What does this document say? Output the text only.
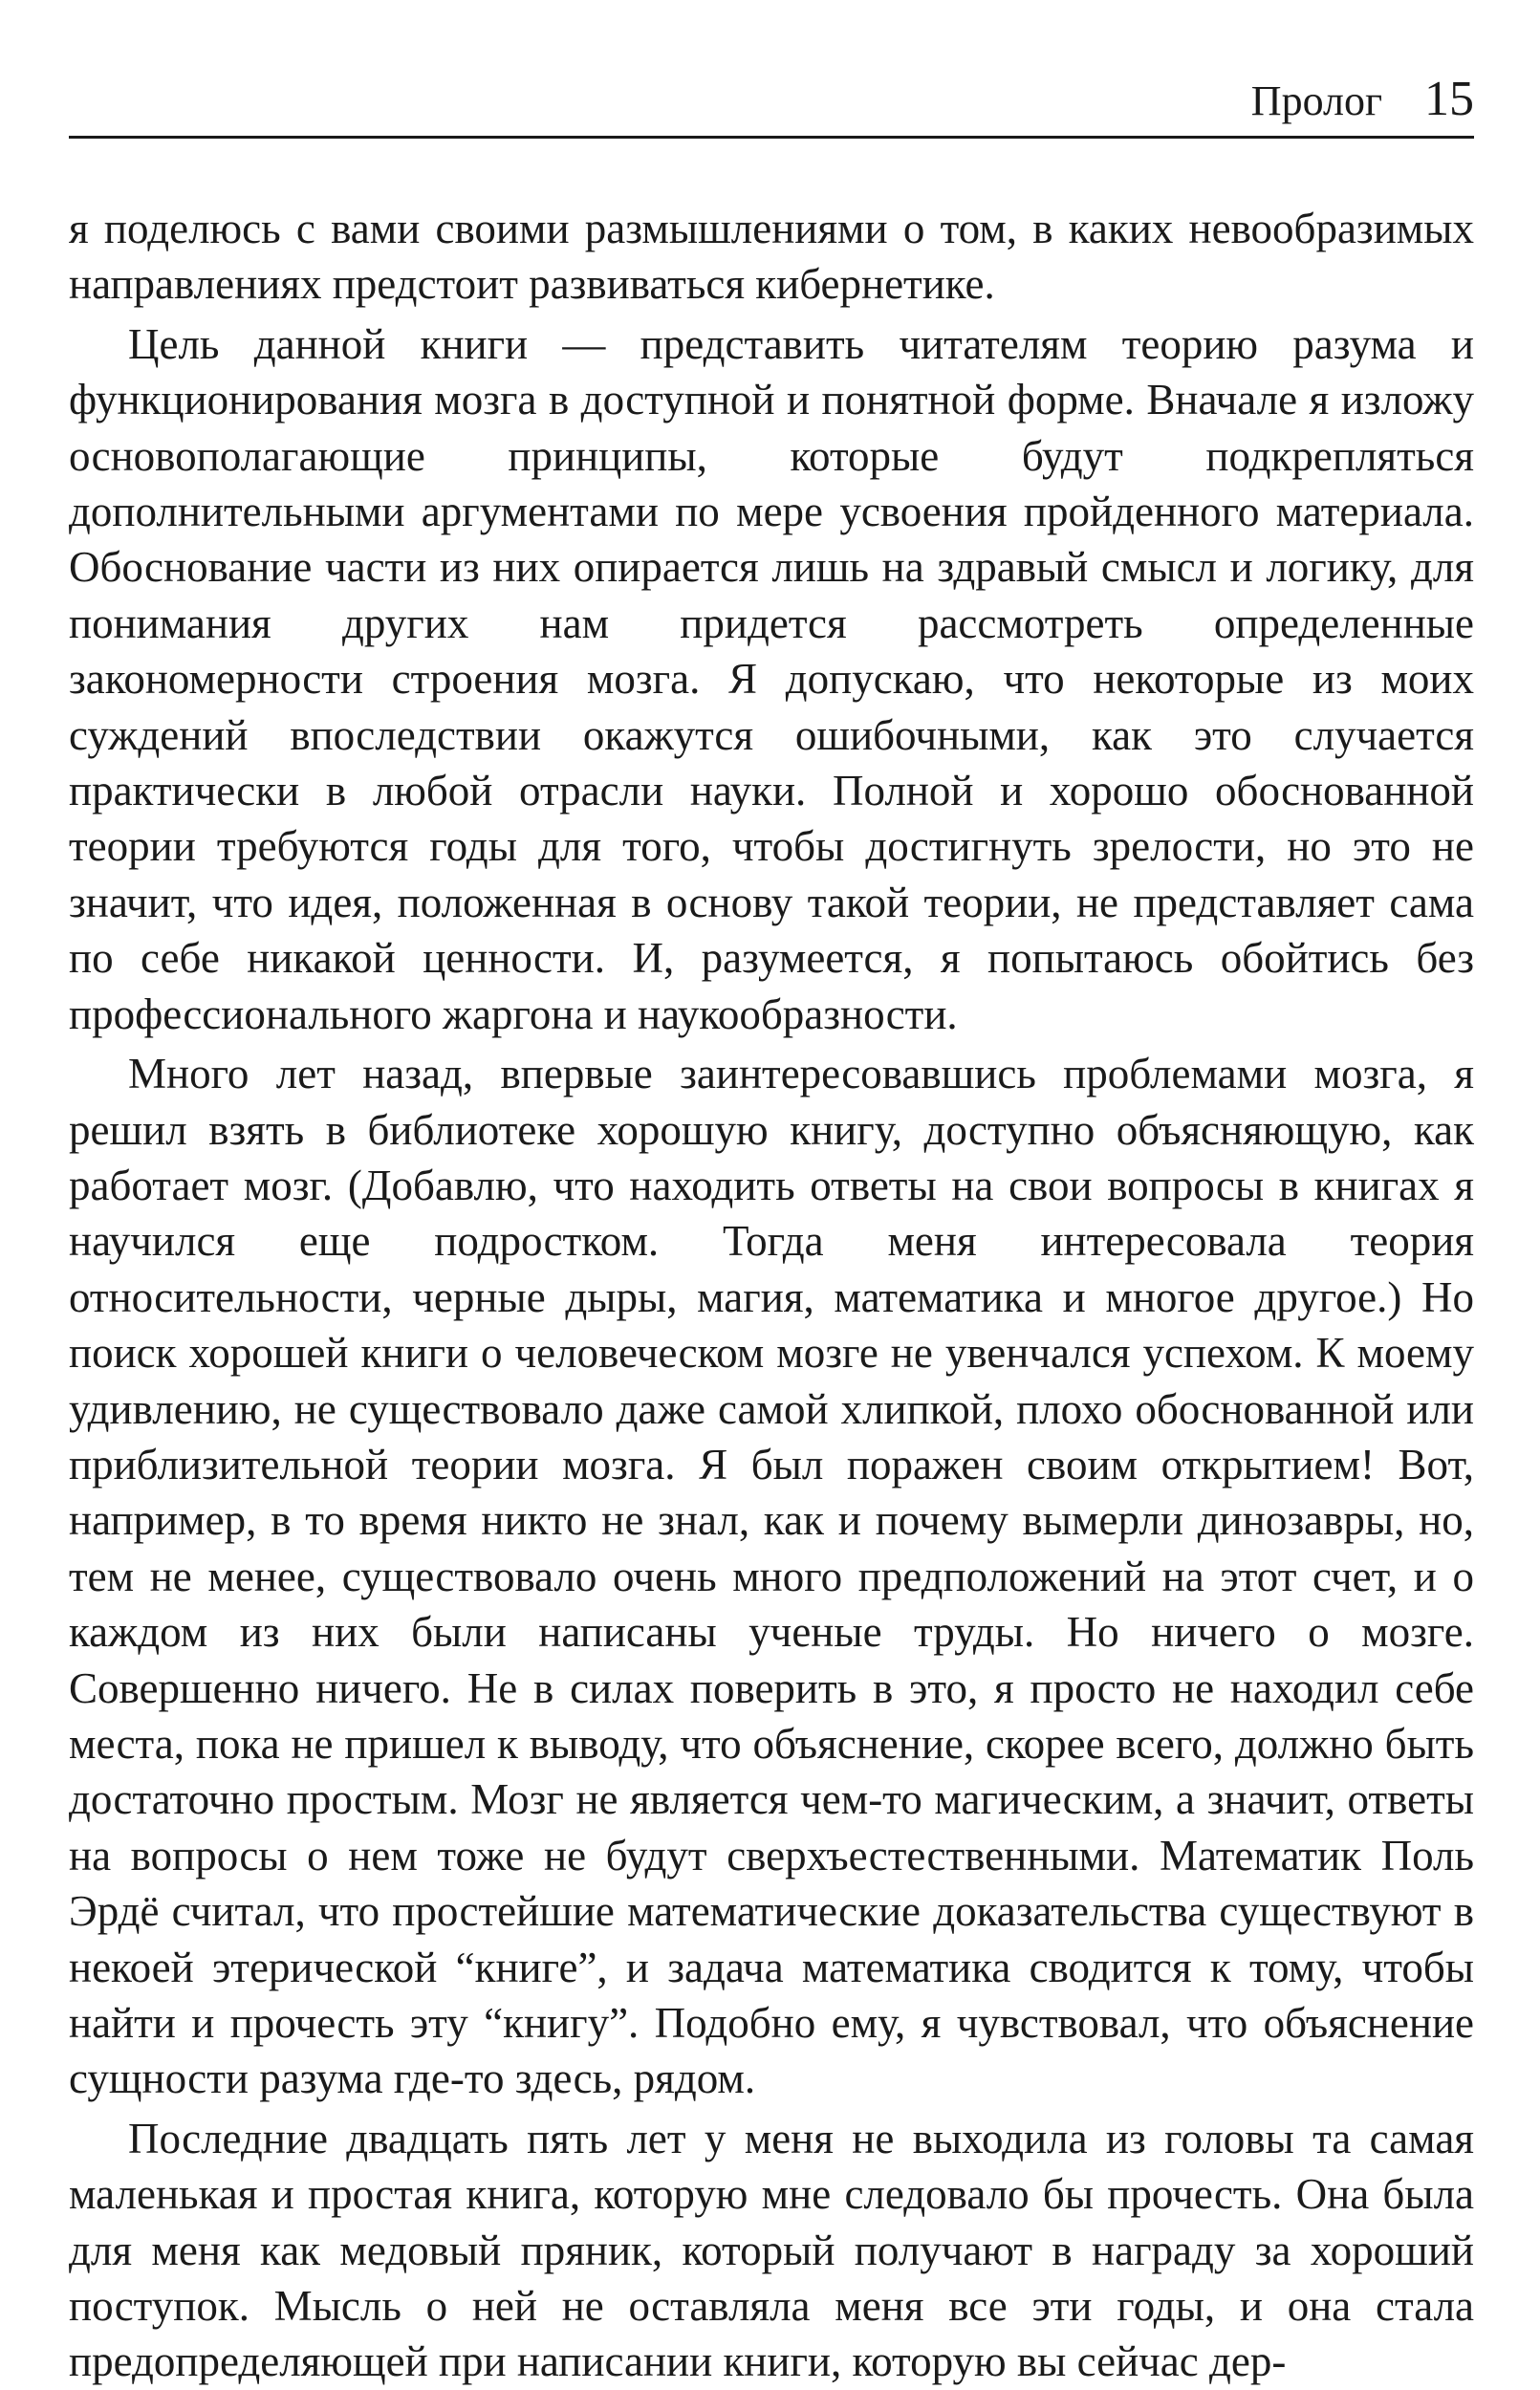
Пролог 15

я поделюсь с вами своими размышлениями о том, в каких невообразимых направлениях предстоит развиваться кибернетике.

Цель данной книги — представить читателям теорию разума и функционирования мозга в доступной и понятной форме. Вначале я изложу основополагающие принципы, которые будут подкрепляться дополнительными аргументами по мере усвоения пройденного материала. Обоснование части из них опирается лишь на здравый смысл и логику, для понимания других нам придется рассмотреть определенные закономерности строения мозга. Я допускаю, что некоторые из моих суждений впоследствии окажутся ошибочными, как это случается практически в любой отрасли науки. Полной и хорошо обоснованной теории требуются годы для того, чтобы достигнуть зрелости, но это не значит, что идея, положенная в основу такой теории, не представляет сама по себе никакой ценности. И, разумеется, я попытаюсь обойтись без профессионального жаргона и наукообразности.

Много лет назад, впервые заинтересовавшись проблемами мозга, я решил взять в библиотеке хорошую книгу, доступно объясняющую, как работает мозг. (Добавлю, что находить ответы на свои вопросы в книгах я научился еще подростком. Тогда меня интересовала теория относительности, черные дыры, магия, математика и многое другое.) Но поиск хорошей книги о человеческом мозге не увенчался успехом. К моему удивлению, не существовало даже самой хлипкой, плохо обоснованной или приблизительной теории мозга. Я был поражен своим открытием! Вот, например, в то время никто не знал, как и почему вымерли динозавры, но, тем не менее, существовало очень много предположений на этот счет, и о каждом из них были написаны ученые труды. Но ничего о мозге. Совершенно ничего. Не в силах поверить в это, я просто не находил себе места, пока не пришел к выводу, что объяснение, скорее всего, должно быть достаточно простым. Мозг не является чем-то магическим, а значит, ответы на вопросы о нем тоже не будут сверхъестественными. Математик Поль Эрдё считал, что простейшие математические доказательства существуют в некоей этерической “книге”, и задача математика сводится к тому, чтобы найти и прочесть эту “книгу”. Подобно ему, я чувствовал, что объяснение сущности разума где-то здесь, рядом.

Последние двадцать пять лет у меня не выходила из головы та самая маленькая и простая книга, которую мне следовало бы прочесть. Она была для меня как медовый пряник, который получают в награду за хороший поступок. Мысль о ней не оставляла меня все эти годы, и она стала предопределяющей при написании книги, которую вы сейчас дер-
